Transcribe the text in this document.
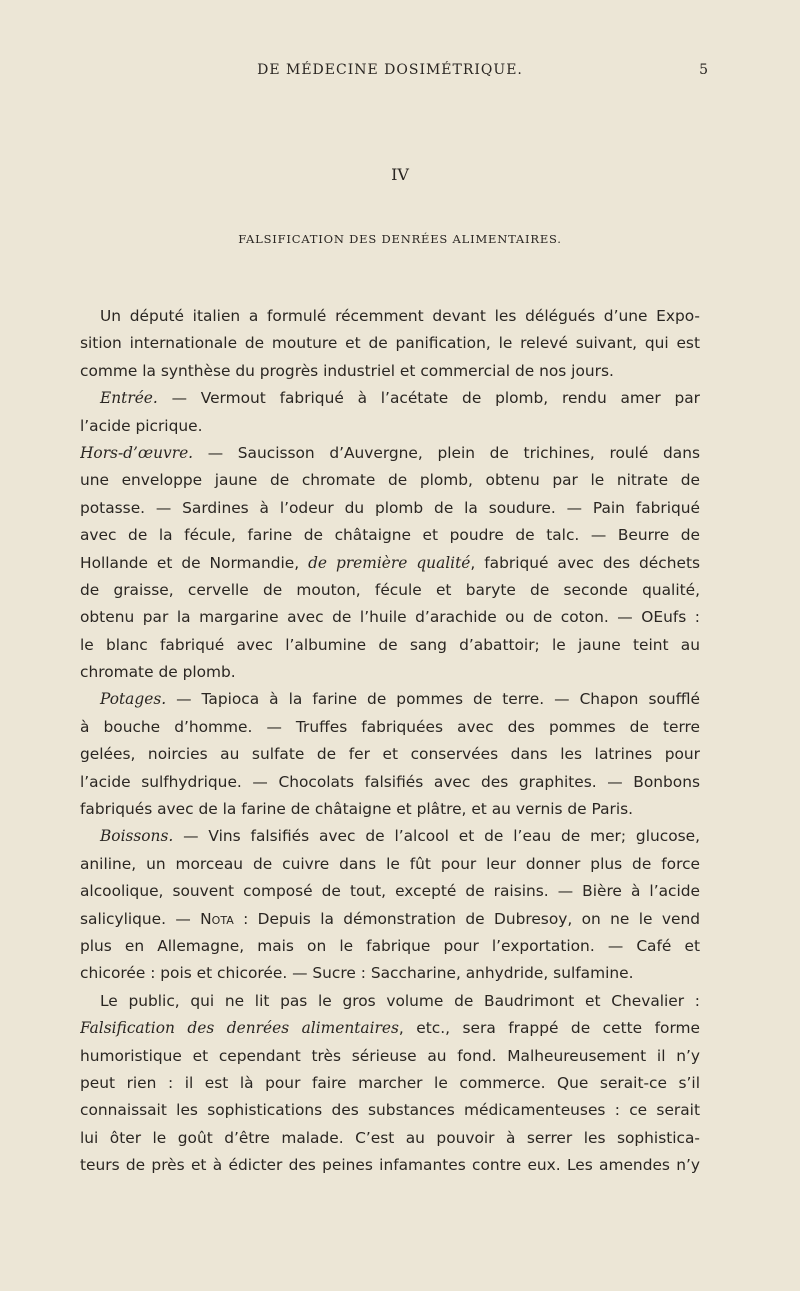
DE MÉDECINE DOSIMÉTRIQUE.	5
IV
FALSIFICATION DES DENRÉES ALIMENTAIRES.
Un député italien a formulé récemment devant les délégués d’une Expo-
sition internationale de mouture et de panification, le relevé suivant, qui est
comme la synthèse du progrès industriel et commercial de nos jours.
Entrée. — Vermout fabriqué à l’acétate de plomb, rendu amer par
l’acide picrique.
Hors-d’œuvre. — Saucisson d’Auvergne, plein de trichines, roulé dans
une enveloppe jaune de chromate de plomb, obtenu par le nitrate de
potasse. — Sardines à l’odeur du plomb de la soudure. — Pain fabriqué
avec de la fécule, farine de châtaigne et poudre de talc. — Beurre de
Hollande et de Normandie, de première qualité, fabriqué avec des déchets
de graisse, cervelle de mouton, fécule et baryte de seconde qualité,
obtenu par la margarine avec de l’huile d’arachide ou de coton. — OEufs :
le blanc fabriqué avec l’albumine de sang d’abattoir; le jaune teint au
chromate de plomb.
Potages. — Tapioca à la farine de pommes de terre. — Chapon soufflé
à bouche d’homme. — Truffes fabriquées avec des pommes de terre
gelées, noircies au sulfate de fer et conservées dans les latrines pour
l’acide sulfhydrique. — Chocolats falsifiés avec des graphites. — Bonbons
fabriqués avec de la farine de châtaigne et plâtre, et au vernis de Paris.
Boissons. — Vins falsifiés avec de l’alcool et de l’eau de mer; glucose,
aniline, un morceau de cuivre dans le fût pour leur donner plus de force
alcoolique, souvent composé de tout, excepté de raisins. — Bière à l’acide
salicylique. — Nota : Depuis la démonstration de Dubresoy, on ne le vend
plus en Allemagne, mais on le fabrique pour l’exportation. — Café et
chicorée : pois et chicorée. — Sucre : Saccharine, anhydride, sulfamine.
Le public, qui ne lit pas le gros volume de Baudrimont et Chevalier :
Falsification des denrées alimentaires, etc., sera frappé de cette forme
humoristique et cependant très sérieuse au fond. Malheureusement il n’y
peut rien : il est là pour faire marcher le commerce. Que serait-ce s’il
connaissait les sophistications des substances médicamenteuses : ce serait
lui ôter le goût d’être malade. C’est au pouvoir à serrer les sophistica-
teurs de près et à édicter des peines infamantes contre eux. Les amendes n’y
